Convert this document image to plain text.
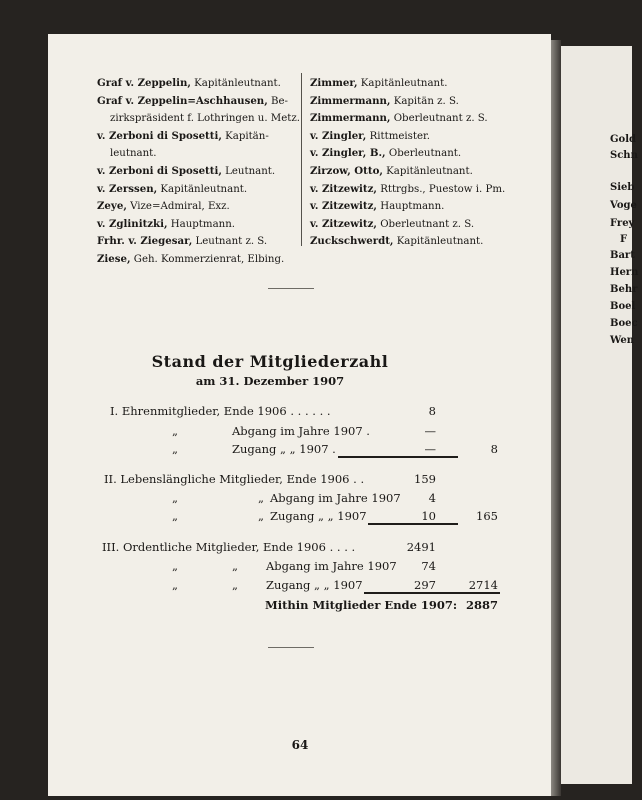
Graf v. Zeppelin, Kapitänleutnant.
Graf v. Zeppelin=Aschhausen, Be-
zirkspräsident f. Lothringen u. Metz.
v. Zerboni di Sposetti, Kapitän-
leutnant.
v. Zerboni di Sposetti, Leutnant.
v. Zerssen, Kapitänleutnant.
Zeye, Vize=Admiral, Exz.
v. Zglinitzki, Hauptmann.
Frhr. v. Ziegesar, Leutnant z. S.
Ziese, Geh. Kommerzienrat, Elbing.
Zimmer, Kapitänleutnant.
Zimmermann, Kapitän z. S.
Zimmermann, Oberleutnant z. S.
v. Zingler, Rittmeister.
v. Zingler, B., Oberleutnant.
Zirzow, Otto, Kapitänleutnant.
v. Zitzewitz, Rttrgbs., Puestow i. Pm.
v. Zitzewitz, Hauptmann.
v. Zitzewitz, Oberleutnant z. S.
Zuckschwerdt, Kapitänleutnant.
Stand der Mitgliederzahl
am 31. Dezember 1907
I. Ehrenmitglieder, Ende 1906 . . . . . .	8
„	Abgang im Jahre 1907 .	—
„	Zugang „ „ 1907 .	—	8
II. Lebenslängliche Mitglieder, Ende 1906 . .	159
„	„ Abgang im Jahre 1907	4
„	„ Zugang „ „ 1907	10	165
III. Ordentliche Mitglieder, Ende 1906 . . . .	2491
„	„ Abgang im Jahre 1907	74
„	„ Zugang „ „ 1907	297	2714
Mithin Mitglieder Ende 1907: 2887
64
Gold
Schn
Sieb
Voge
Frey
F
Bart
Hern
Behr
Boel
Boec
Wen
